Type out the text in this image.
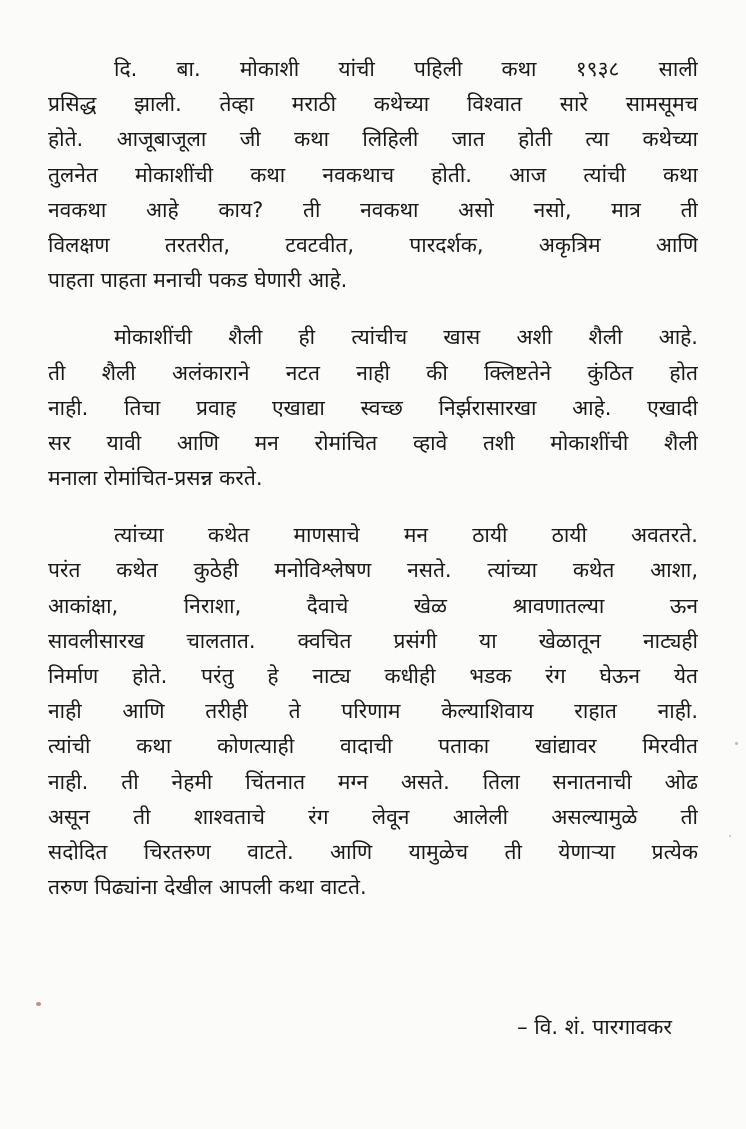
दि. बा. मोकाशी यांची पहिली कथा १९३८ साली
प्रसिद्ध झाली. तेव्हा मराठी कथेच्या विश्वात सारे सामसूमच
होते. आजूबाजूला जी कथा लिहिली जात होती त्या कथेच्या
तुलनेत मोकाशींची कथा नवकथाच होती. आज त्यांची कथा
नवकथा आहे काय? ती नवकथा असो नसो, मात्र ती
विलक्षण तरतरीत, टवटवीत, पारदर्शक, अकृत्रिम आणि
पाहता पाहता मनाची पकड घेणारी आहे.

मोकाशींची शैली ही त्यांचीच खास अशी शैली आहे.
ती शैली अलंकाराने नटत नाही की क्लिष्टतेने कुंठित होत
नाही. तिचा प्रवाह एखाद्या स्वच्छ निर्झरासारखा आहे. एखादी
सर यावी आणि मन रोमांचित व्हावे तशी मोकाशींची शैली
मनाला रोमांचित-प्रसन्न करते.

त्यांच्या कथेत माणसाचे मन ठायी ठायी अवतरते.
परंत कथेत कुठेही मनोविश्लेषण नसते. त्यांच्या कथेत आशा,
आकांक्षा, निराशा, दैवाचे खेळ श्रावणातल्या ऊन
सावलीसारख चालतात. क्वचित प्रसंगी या खेळातून नाट्यही
निर्माण होते. परंतु हे नाट्य कधीही भडक रंग घेऊन येत
नाही आणि तरीही ते परिणाम केल्याशिवाय राहात नाही.
त्यांची कथा कोणत्याही वादाची पताका खांद्यावर मिरवीत
नाही. ती नेहमी चिंतनात मग्न असते. तिला सनातनाची ओढ
असून ती शाश्वताचे रंग लेवून आलेली असल्यामुळे ती
सदोदित चिरतरुण वाटते. आणि यामुळेच ती येणाऱ्या प्रत्येक
तरुण पिढ्यांना देखील आपली कथा वाटते.

– वि. शं. पारगावकर
